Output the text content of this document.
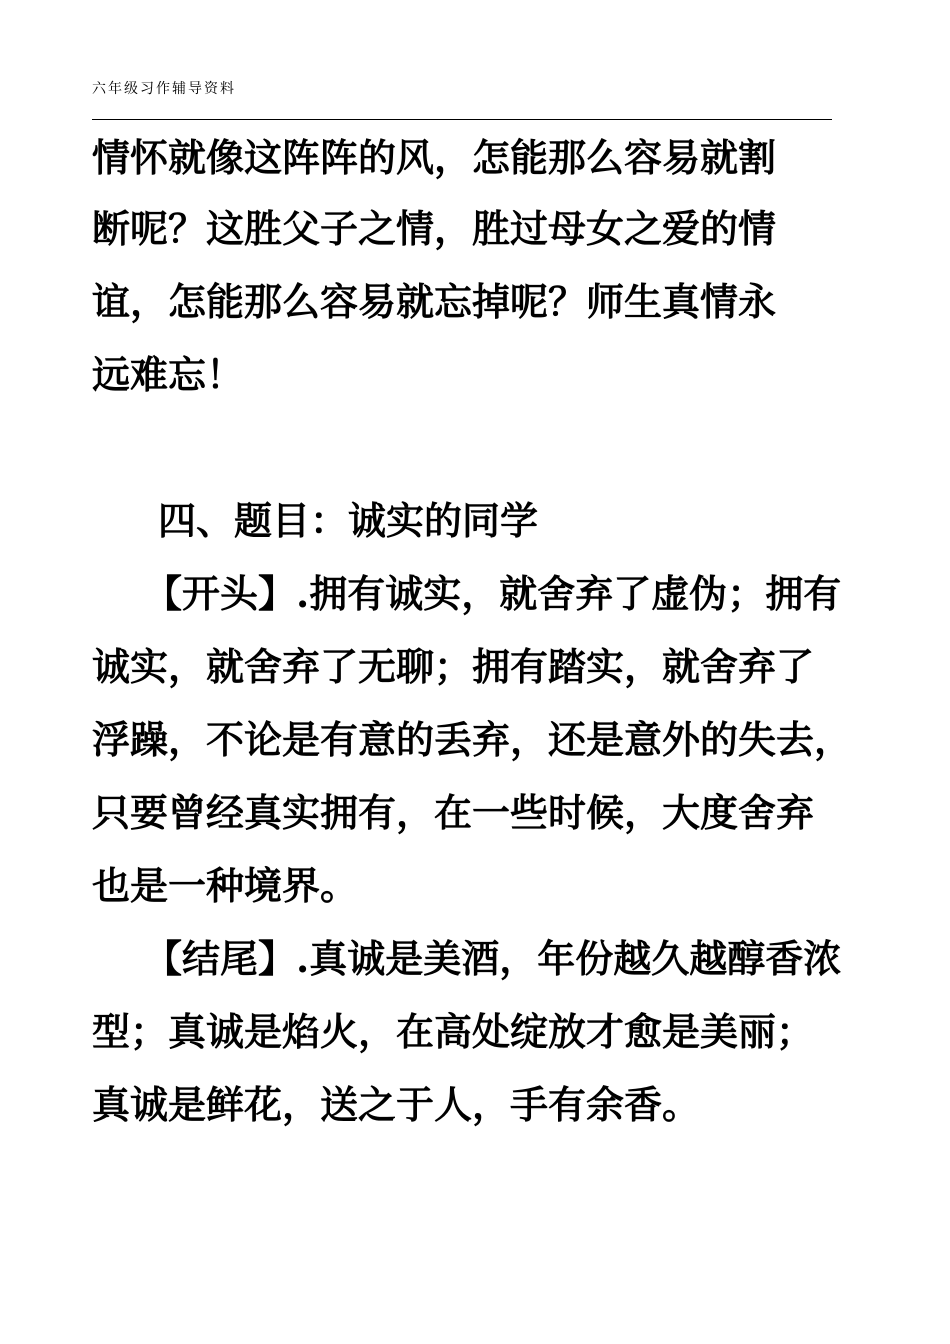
六年级习作辅导资料
情怀就像这阵阵的风，怎能那么容易就割
断呢？这胜父子之情，胜过母女之爱的情
谊，怎能那么容易就忘掉呢？师生真情永
远难忘！
四、题目：诚实的同学
【开头】.拥有诚实，就舍弃了虚伪；拥有
诚实，就舍弃了无聊；拥有踏实，就舍弃了
浮躁，不论是有意的丢弃，还是意外的失去，
只要曾经真实拥有，在一些时候，大度舍弃
也是一种境界。
【结尾】.真诚是美酒，年份越久越醇香浓
型；真诚是焰火，在高处绽放才愈是美丽；
真诚是鲜花，送之于人，手有余香。
